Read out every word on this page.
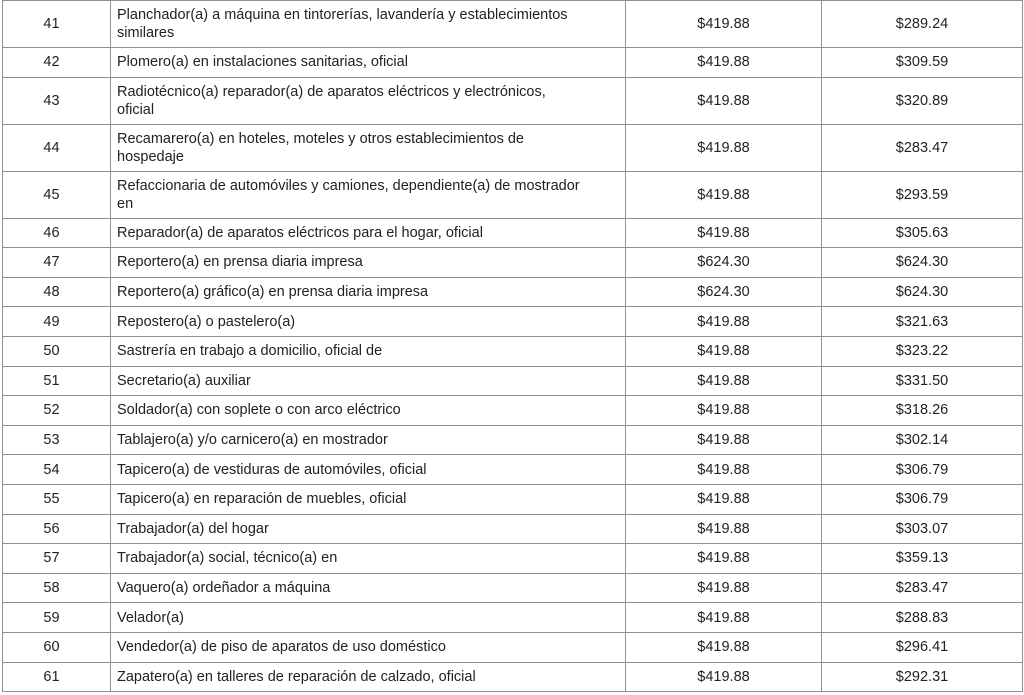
41	Planchador(a) a máquina en tintorerías, lavandería y establecimientos similares	$419.88	$289.24
42	Plomero(a) en instalaciones sanitarias, oficial	$419.88	$309.59
43	Radiotécnico(a) reparador(a) de aparatos eléctricos y electrónicos, oficial	$419.88	$320.89
44	Recamarero(a) en hoteles, moteles y otros establecimientos de hospedaje	$419.88	$283.47
45	Refaccionaria de automóviles y camiones, dependiente(a) de mostrador en	$419.88	$293.59
46	Reparador(a) de aparatos eléctricos para el hogar, oficial	$419.88	$305.63
47	Reportero(a) en prensa diaria impresa	$624.30	$624.30
48	Reportero(a) gráfico(a) en prensa diaria impresa	$624.30	$624.30
49	Repostero(a) o pastelero(a)	$419.88	$321.63
50	Sastrería en trabajo a domicilio, oficial de	$419.88	$323.22
51	Secretario(a) auxiliar	$419.88	$331.50
52	Soldador(a) con soplete o con arco eléctrico	$419.88	$318.26
53	Tablajero(a) y/o carnicero(a) en mostrador	$419.88	$302.14
54	Tapicero(a) de vestiduras de automóviles, oficial	$419.88	$306.79
55	Tapicero(a) en reparación de muebles, oficial	$419.88	$306.79
56	Trabajador(a) del hogar	$419.88	$303.07
57	Trabajador(a) social, técnico(a) en	$419.88	$359.13
58	Vaquero(a) ordeñador a máquina	$419.88	$283.47
59	Velador(a)	$419.88	$288.83
60	Vendedor(a) de piso de aparatos de uso doméstico	$419.88	$296.41
61	Zapatero(a) en talleres de reparación de calzado, oficial	$419.88	$292.31
